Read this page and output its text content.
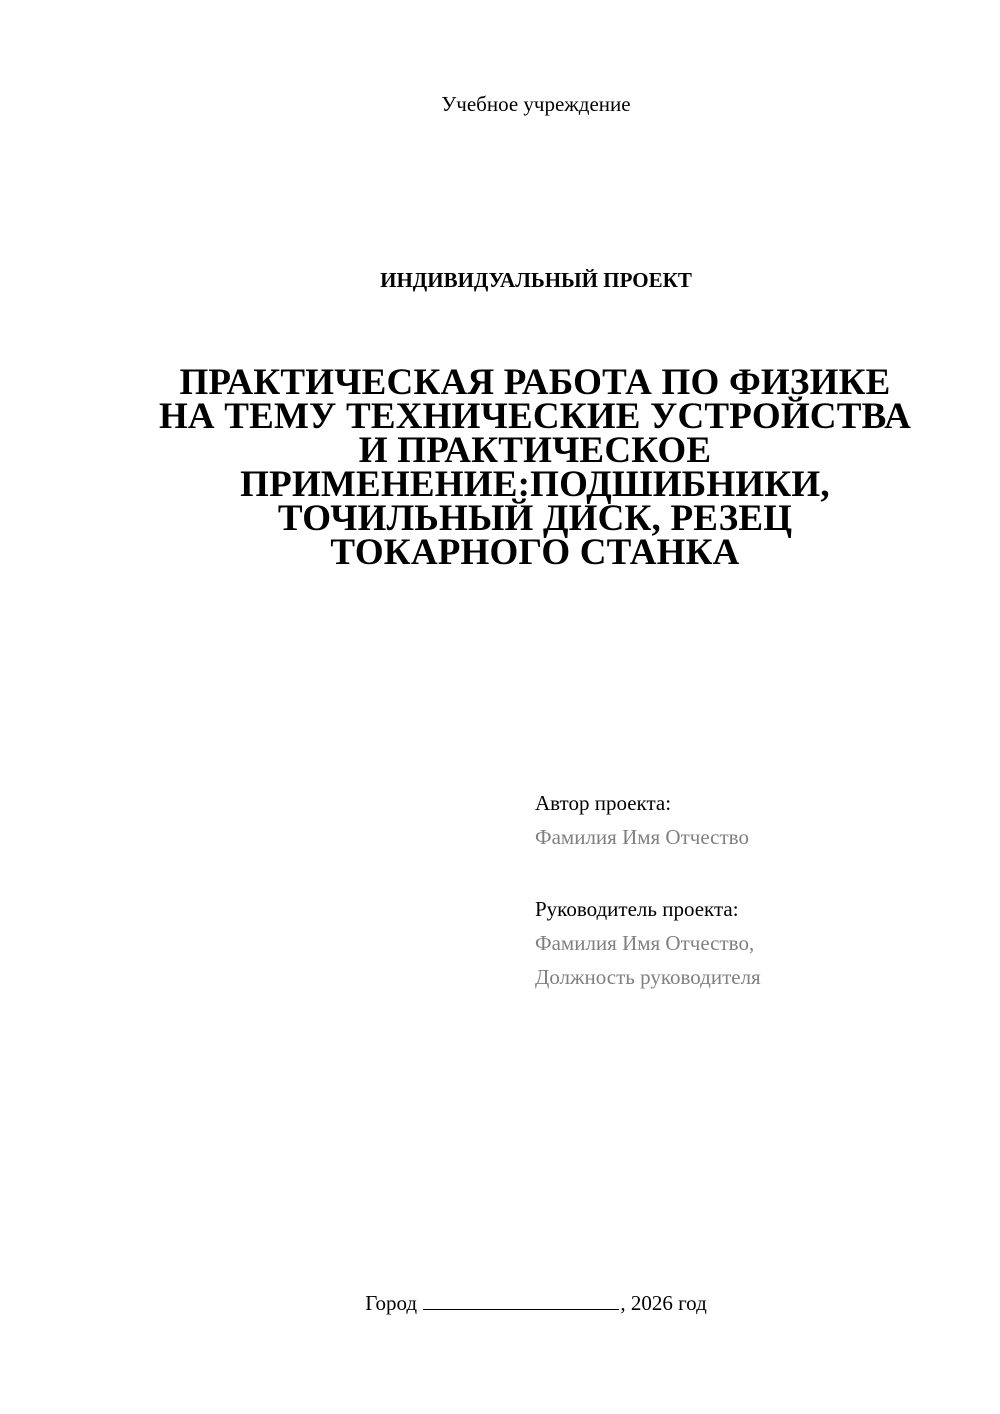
Учебное учреждение
ИНДИВИДУАЛЬНЫЙ ПРОЕКТ
ПРАКТИЧЕСКАЯ РАБОТА ПО ФИЗИКЕ
НА ТЕМУ ТЕХНИЧЕСКИЕ УСТРОЙСТВА
И ПРАКТИЧЕСКОЕ
ПРИМЕНЕНИЕ:ПОДШИБНИКИ,
ТОЧИЛЬНЫЙ ДИСК, РЕЗЕЦ
ТОКАРНОГО СТАНКА
Автор проекта:
Фамилия Имя Отчество
Руководитель проекта:
Фамилия Имя Отчество,
Должность руководителя
Город	, 2026 год
